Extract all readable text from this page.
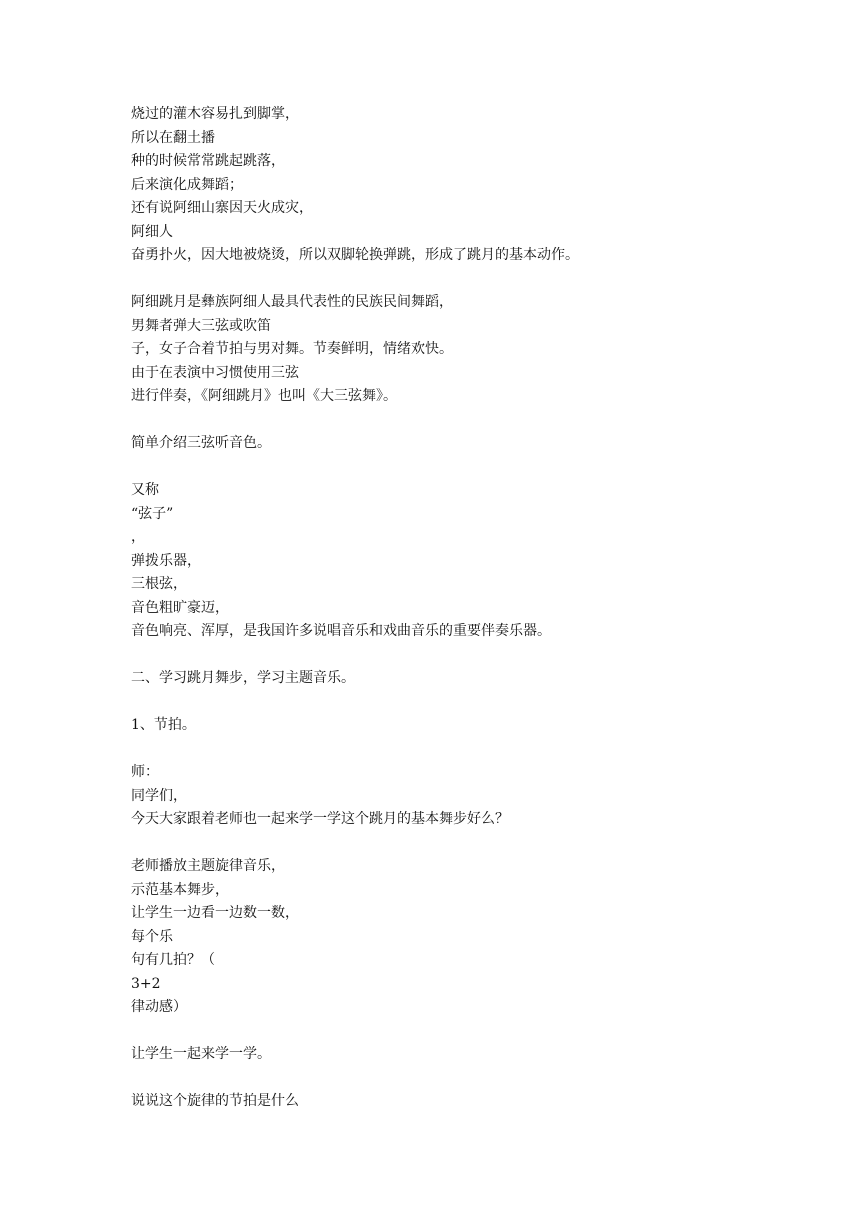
烧过的灌木容易扎到脚掌，
所以在翻土播
种的时候常常跳起跳落，
后来演化成舞蹈；
还有说阿细山寨因天火成灾，
阿细人
奋勇扑火，因大地被烧烫，所以双脚轮换弹跳，形成了跳月的基本动作。
阿细跳月是彝族阿细人最具代表性的民族民间舞蹈，
男舞者弹大三弦或吹笛
子，女子合着节拍与男对舞。节奏鲜明，情绪欢快。
由于在表演中习惯使用三弦
进行伴奏，《阿细跳月》也叫《大三弦舞》。
简单介绍三弦听音色。
又称
“弦子”
，
弹拨乐器，
三根弦，
音色粗旷豪迈，
音色响亮、浑厚，是我国许多说唱音乐和戏曲音乐的重要伴奏乐器。
二、学习跳月舞步，学习主题音乐。
1、节拍。
师：
同学们，
今天大家跟着老师也一起来学一学这个跳月的基本舞步好么？
老师播放主题旋律音乐，
示范基本舞步，
让学生一边看一边数一数，
每个乐
句有几拍？（
3+2
律动感）
让学生一起来学一学。
说说这个旋律的节拍是什么
